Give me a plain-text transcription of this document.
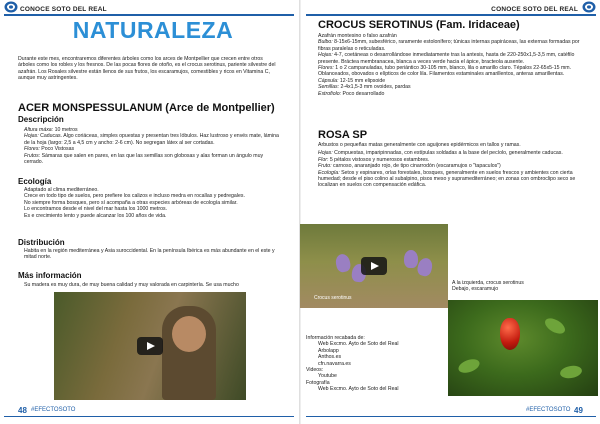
CONOCE SOTO DEL REAL
NATURALEZA
Durante este mes, encontraremos diferentes árboles como los arces de Montpellier que crecen entre otros árboles como los robles y los fresnos. De las pocas flores de otoño, es el crocus serotinus, pariente silvestre del azafrán. Los Rosales silvestre están llenos de sus frutos, los escaramujos, comestibles y ricos en Vitamina C, aunque muy astringentes.
ACER MONSPESSULANUM (Arce de Montpellier)
Descripción
Altura máxa: 10 metros
Hojas: Caducas. Algo coriáceas, simples opuestas y presentan tres lóbulos. Haz lustroso y envés mate, lámina de la hoja (largo: 2,5 a 4,5 cm y ancho: 2-6 cm). No segregan látex al ser cortadas.
Flores: Poco Vistosas
Frutos: Sámaras que salen en pares, en las que las semillas son globosas y alas forman un ángulo muy cerrado.
Ecología
Adaptado al clima mediterráneo.
Crece en todo tipo de suelos, pero prefiere los calizos e incluso medra en rocallas y pedregales.
No siempre forma bosques, pero sí acompaña a otras especies arbóreas de ecología similar.
Lo encontramos desde el nivel del mar hasta los 1000 metros.
Es e crecimiento lento y puede alcanzar los 100 años de vida.
Distribución
Habita en la región mediterránea y Asia suroccidental. En la península Ibérica es más abundante en el este y mitad norte.
Más información
Su madera es muy dura, de muy buena calidad y muy valorada en carpintería. Se usa mucho
48 #EFECTOSOTO
CONOCE SOTO DEL REAL
CROCUS SEROTINUS (Fam. Iridaceae)
Azafrán montesino o falso azafrán
Bulbo: 8-15x6-15mm, subesférico, raramente estolonífero; túnicas internas papiráceas, las externas formadas por fibras paralelas o reticuladas.
Hojas: 4-7, coetáneas o desarrollándose inmediatamente tras la antesis, hasta de 220-250x1,5-3,5 mm, catéfilo presente. Bráctea membranacea, blanca a veces verde hacia el ápice, bracteola ausente.
Flores: 1 o 2 campanuladas, tubo periántico 30-105 mm, blanco, lila o amarillo claro. Tépalos 22-65x5-15 mm. Oblanceados, obovados o elípticos de color lila. Filamentos estaminales amarillentos, anteras amarillentas.
Cápsula: 12-15 mm elipsoide
Semillas: 2-4x1,5-3 mm ovoides, pardas
Estrofiolo: Poco desarrollado
ROSA SP
Arbustos o pequeñas matas generalmente con aguijones epidérmicos en tallos y ramas.
Hojas: Compuestas, imparipinnadas, con estípulas soldadas a la base del pecíolo, generalmente caducas.
Flor: 5 pétalos vistosos y numerosos estambres.
Fruto: carnoso, anaranjado rojo, de tipo cinarrodón (escaramujos o "tapaculos")
Ecología: Setos y espinares, orlas forestales, bosques, generalmente en suelos frescos y ambientes con cierta humedad; desde el piso colino al subalpino, pisos meso y supramediterráneo; en zonas con ombroclipo seco se localizan en suelos con compensación edáfica.
Crocus serotinus
A la izquierda, crocus serotinus
Debajo, escaramujo
Información recabada de:
Web Excmo. Ayto de Soto del Real
Arbolapp
Anthos.es
cfn.navarra.es
Videos:
Youtube
Fotografía
Web Excmo. Ayto de Soto del Real
#EFECTOSOTO 49
